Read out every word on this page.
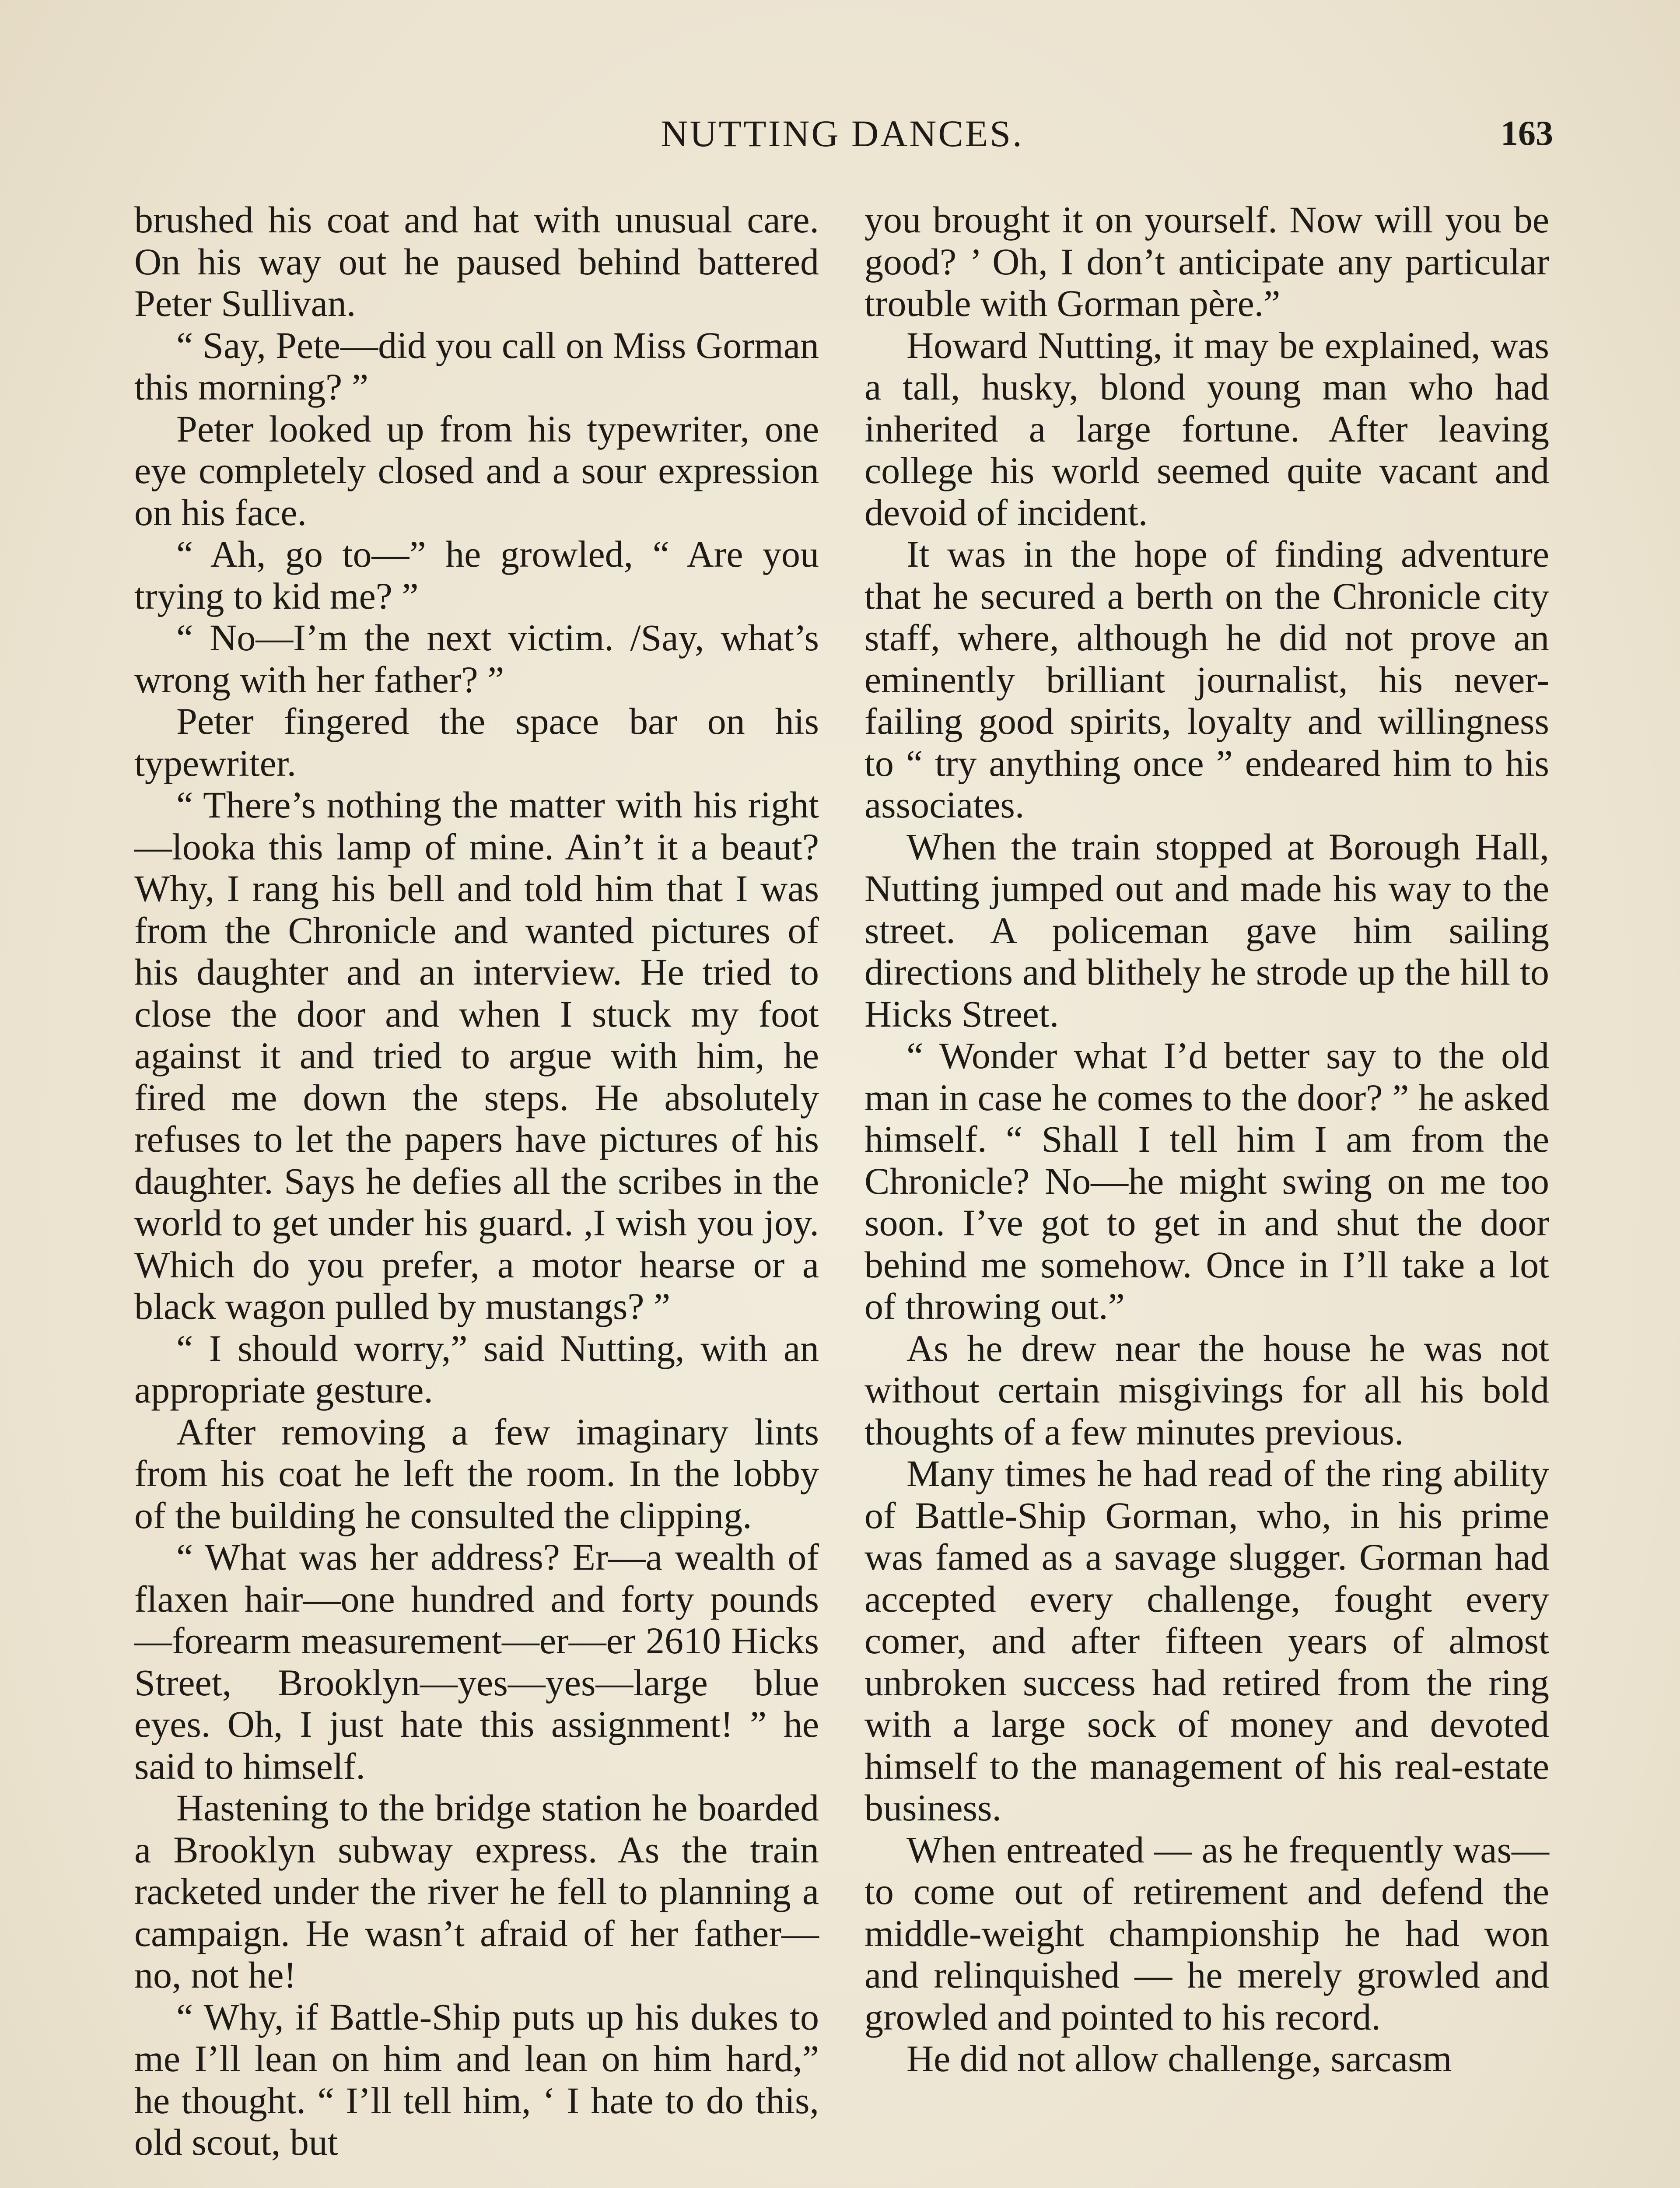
NUTTING DANCES.	163

brushed his coat and hat with unusual care. On his way out he paused behind battered Peter Sullivan.

“ Say, Pete—did you call on Miss Gorman this morning? ”

Peter looked up from his typewriter, one eye completely closed and a sour expression on his face.

“ Ah, go to—” he growled, “ Are you trying to kid me? ”

“ No—I’m the next victim. /Say, what’s wrong with her father? ”

Peter fingered the space bar on his typewriter.

“ There’s nothing the matter with his right—looka this lamp of mine. Ain’t it a beaut? Why, I rang his bell and told him that I was from the Chronicle and wanted pictures of his daughter and an interview. He tried to close the door and when I stuck my foot against it and tried to argue with him, he fired me down the steps. He absolutely refuses to let the papers have pictures of his daughter. Says he defies all the scribes in the world to get under his guard. ,I wish you joy. Which do you prefer, a motor hearse or a black wagon pulled by mustangs? ”

“ I should worry,” said Nutting, with an appropriate gesture.

After removing a few imaginary lints from his coat he left the room. In the lobby of the building he consulted the clipping.

“ What was her address? Er—a wealth of flaxen hair—one hundred and forty pounds—forearm measurement—er—er 2610 Hicks Street, Brooklyn—yes—yes—large blue eyes. Oh, I just hate this assignment! ” he said to himself.

Hastening to the bridge station he boarded a Brooklyn subway express. As the train racketed under the river he fell to planning a campaign. He wasn’t afraid of her father—no, not he!

“ Why, if Battle-Ship puts up his dukes to me I’ll lean on him and lean on him hard,” he thought. “ I’ll tell him, ‘ I hate to do this, old scout, but

you brought it on yourself. Now will you be good? ’ Oh, I don’t anticipate any particular trouble with Gorman père.”

Howard Nutting, it may be explained, was a tall, husky, blond young man who had inherited a large fortune. After leaving college his world seemed quite vacant and devoid of incident.

It was in the hope of finding adventure that he secured a berth on the Chronicle city staff, where, although he did not prove an eminently brilliant journalist, his never-failing good spirits, loyalty and willingness to “ try anything once ” endeared him to his associates.

When the train stopped at Borough Hall, Nutting jumped out and made his way to the street. A policeman gave him sailing directions and blithely he strode up the hill to Hicks Street.

“ Wonder what I’d better say to the old man in case he comes to the door? ” he asked himself. “ Shall I tell him I am from the Chronicle? No—he might swing on me too soon. I’ve got to get in and shut the door behind me somehow. Once in I’ll take a lot of throwing out.”

As he drew near the house he was not without certain misgivings for all his bold thoughts of a few minutes previous.

Many times he had read of the ring ability of Battle-Ship Gorman, who, in his prime was famed as a savage slugger. Gorman had accepted every challenge, fought every comer, and after fifteen years of almost unbroken success had retired from the ring with a large sock of money and devoted himself to the management of his real-estate business.

When entreated — as he frequently was—to come out of retirement and defend the middle-weight championship he had won and relinquished — he merely growled and growled and pointed to his record.

He did not allow challenge, sarcasm
